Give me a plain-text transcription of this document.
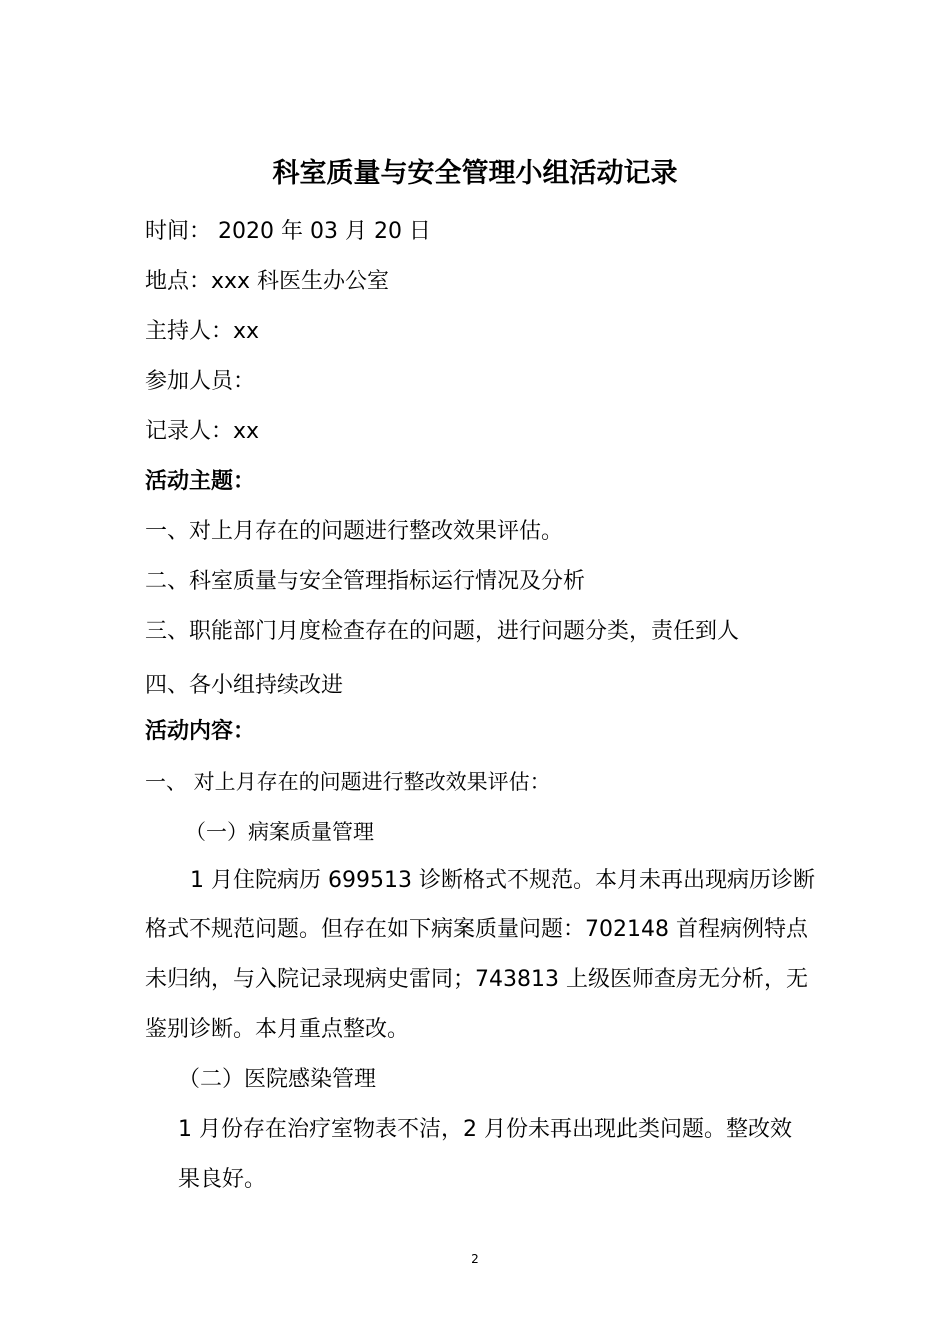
科室质量与安全管理小组活动记录
时间： 2020 年 03 月 20 日
地点：xxx 科医生办公室
主持人：xx
参加人员：
记录人：xx
活动主题：
一、对上月存在的问题进行整改效果评估。
二、科室质量与安全管理指标运行情况及分析
三、职能部门月度检查存在的问题，进行问题分类，责任到人
四、各小组持续改进
活动内容：
一、 对上月存在的问题进行整改效果评估：
（一）病案质量管理
1 月住院病历 699513 诊断格式不规范。本月未再出现病历诊断
格式不规范问题。但存在如下病案质量问题：702148 首程病例特点
未归纳，与入院记录现病史雷同；743813 上级医师查房无分析，无
鉴别诊断。本月重点整改。
（二）医院感染管理
1 月份存在治疗室物表不洁，2 月份未再出现此类问题。整改效
果良好。
2
